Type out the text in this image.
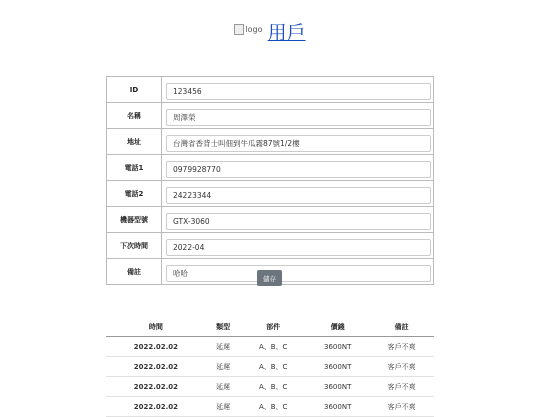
logo 用戶
ID	123456
名稱	周澤榮
地址	台灣省香背士叫佃到牛瓜霧87號1/2樓
電話1	0979928770
電話2	24223344
機器型號	GTX-3060
下次時間	2022-04
備註	哈哈
儲存
時間	類型	部件	價錢	備註
2022.02.02	延遲	A、B、C	3600NT	客戶不爽
2022.02.02	延遲	A、B、C	3600NT	客戶不爽
2022.02.02	延遲	A、B、C	3600NT	客戶不爽
2022.02.02	延遲	A、B、C	3600NT	客戶不爽
